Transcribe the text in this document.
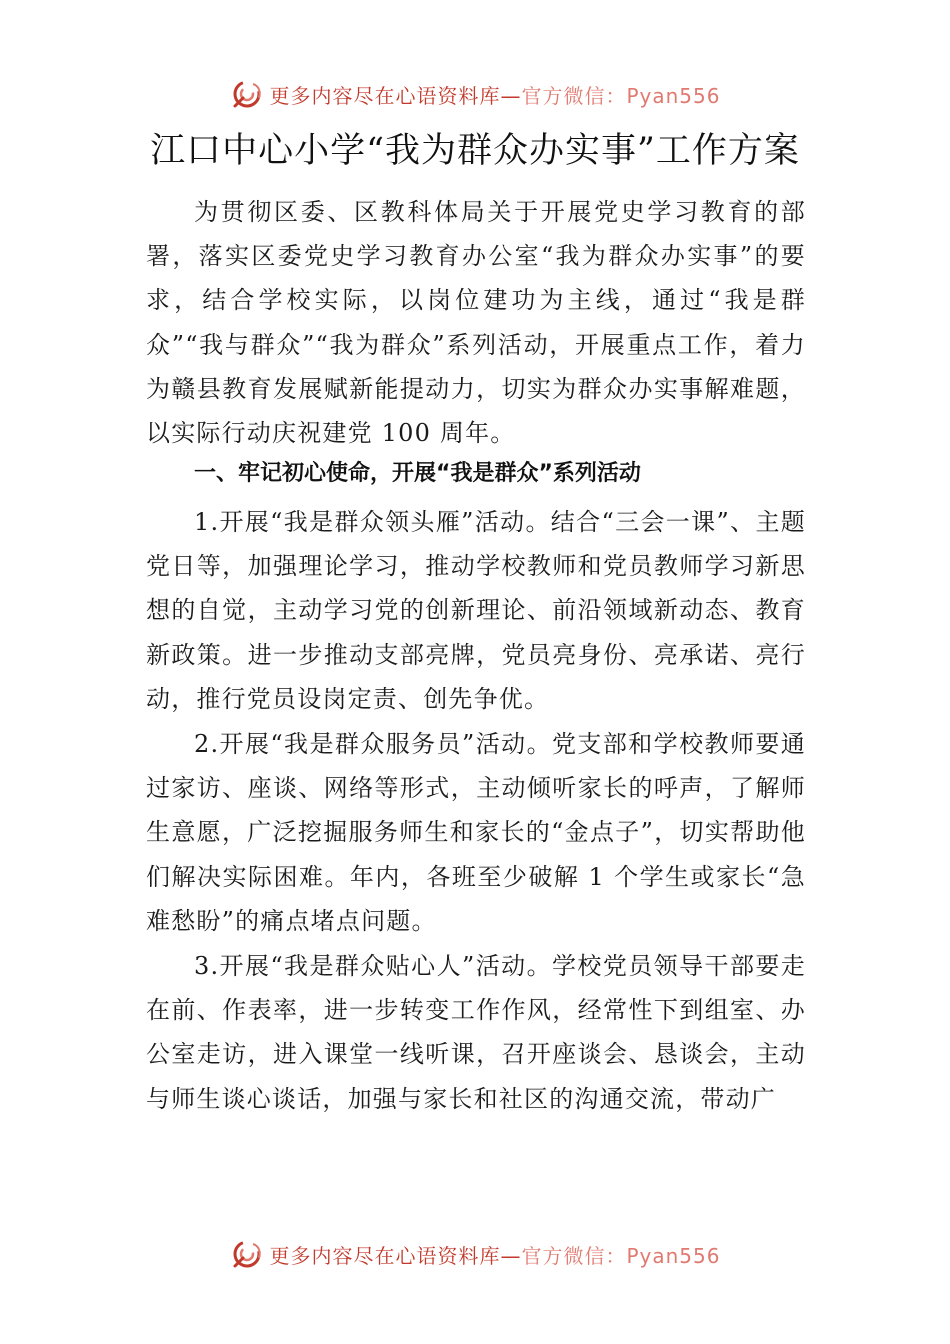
更多内容尽在心语资料库—官方微信：Pyan556
江口中心小学“我为群众办实事”工作方案

为贯彻区委、区教科体局关于开展党史学习教育的部署，落实区委党史学习教育办公室“我为群众办实事”的要求，结合学校实际，以岗位建功为主线，通过“我是群众”“我与群众”“我为群众”系列活动，开展重点工作，着力为赣县教育发展赋新能提动力，切实为群众办实事解难题， 以实际行动庆祝建党 100 周年。

一、牢记初心使命，开展“我是群众”系列活动

1.开展“我是群众领头雁”活动。结合“三会一课”、主题党日等，加强理论学习，推动学校教师和党员教师学习新思想的自觉，主动学习党的创新理论、前沿领域新动态、教育新政策。进一步推动支部亮牌，党员亮身份、亮承诺、亮行动，推行党员设岗定责、创先争优。

2.开展“我是群众服务员”活动。党支部和学校教师要通过家访、座谈、网络等形式，主动倾听家长的呼声，了解师生意愿，广泛挖掘服务师生和家长的“金点子”，切实帮助他们解决实际困难。年内，各班至少破解 1 个学生或家长“急难愁盼”的痛点堵点问题。

3.开展“我是群众贴心人”活动。学校党员领导干部要走在前、作表率，进一步转变工作作风，经常性下到组室、办公室走访，进入课堂一线听课，召开座谈会、恳谈会，主动与师生谈心谈话，加强与家长和社区的沟通交流，带动广

更多内容尽在心语资料库—官方微信：Pyan556
